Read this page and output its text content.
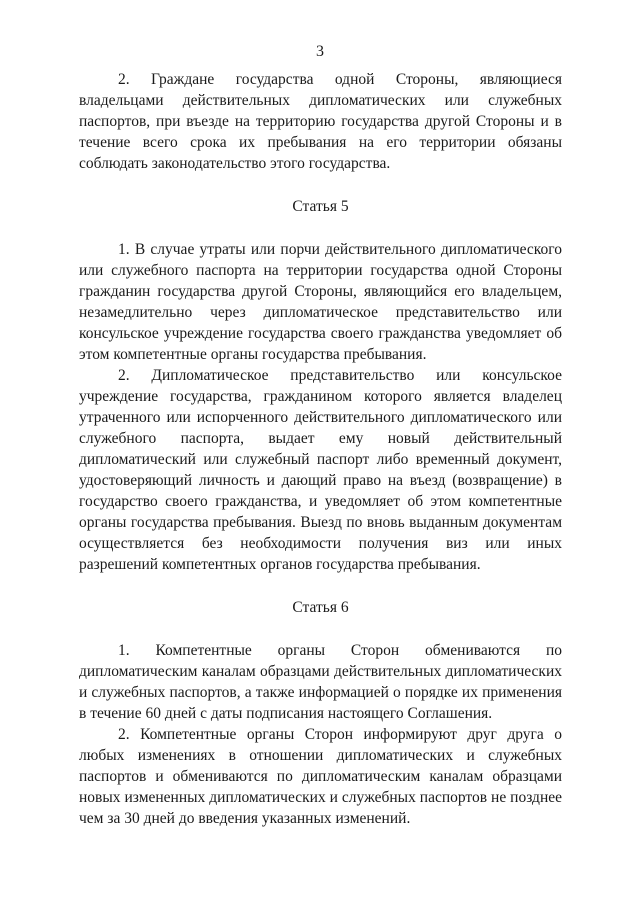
3

2. Граждане государства одной Стороны, являющиеся владельцами действительных дипломатических или служебных паспортов, при въезде на территорию государства другой Стороны и в течение всего срока их пребывания на его территории обязаны соблюдать законодательство этого государства.

Статья 5

1. В случае утраты или порчи действительного дипломатического или служебного паспорта на территории государства одной Стороны гражданин государства другой Стороны, являющийся его владельцем, незамедлительно через дипломатическое представительство или консульское учреждение государства своего гражданства уведомляет об этом компетентные органы государства пребывания.

2. Дипломатическое представительство или консульское учреждение государства, гражданином которого является владелец утраченного или испорченного действительного дипломатического или служебного паспорта, выдает ему новый действительный дипломатический или служебный паспорт либо временный документ, удостоверяющий личность и дающий право на въезд (возвращение) в государство своего гражданства, и уведомляет об этом компетентные органы государства пребывания. Выезд по вновь выданным документам осуществляется без необходимости получения виз или иных разрешений компетентных органов государства пребывания.

Статья 6

1. Компетентные органы Сторон обмениваются по дипломатическим каналам образцами действительных дипломатических и служебных паспортов, а также информацией о порядке их применения в течение 60 дней с даты подписания настоящего Соглашения.

2. Компетентные органы Сторон информируют друг друга о любых изменениях в отношении дипломатических и служебных паспортов и обмениваются по дипломатическим каналам образцами новых измененных дипломатических и служебных паспортов не позднее чем за 30 дней до введения указанных изменений.
